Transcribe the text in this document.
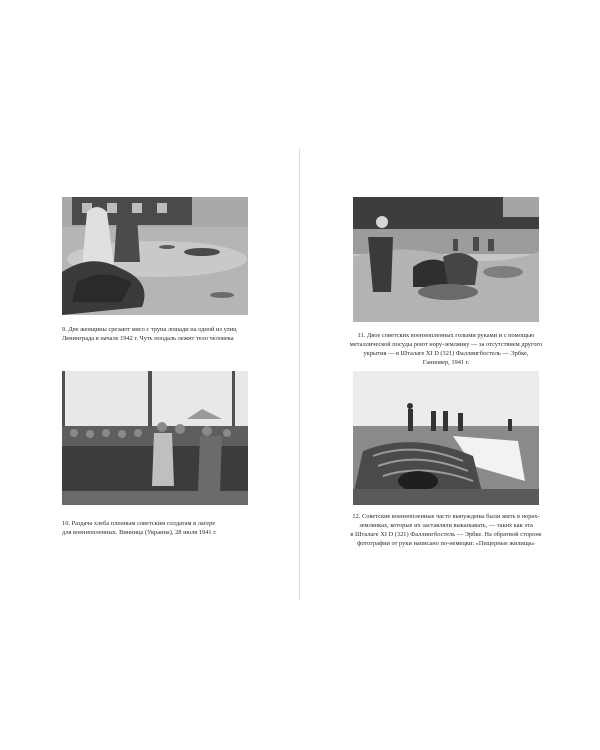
9. Две женщины срезают мясо с трупа лошади на одной из улиц
Ленинграда в начале 1942 г. Чуть поодаль лежит тело человека
10. Раздача хлеба пленным советским солдатам в лагере
для военнопленных. Винница (Украина), 28 июля 1941 г.
11. Двое советских военнопленных голыми руками и с помощью
металлической посуды роют нору-землянку — за отсутствием другого
укрытия — в Шталаге XI D (321) Фаллингбостель — Эрбке,
Ганновер, 1941 г.
12. Советские военнопленные часто вынуждены были жить в норах-
землянках, которые их заставляли выкапывать, — таких как эта
в Шталаге XI D (321) Фаллингбостель — Эрбке. На обратной стороне
фотографии от руки написано по-немецки: «Пещерные жилища»
